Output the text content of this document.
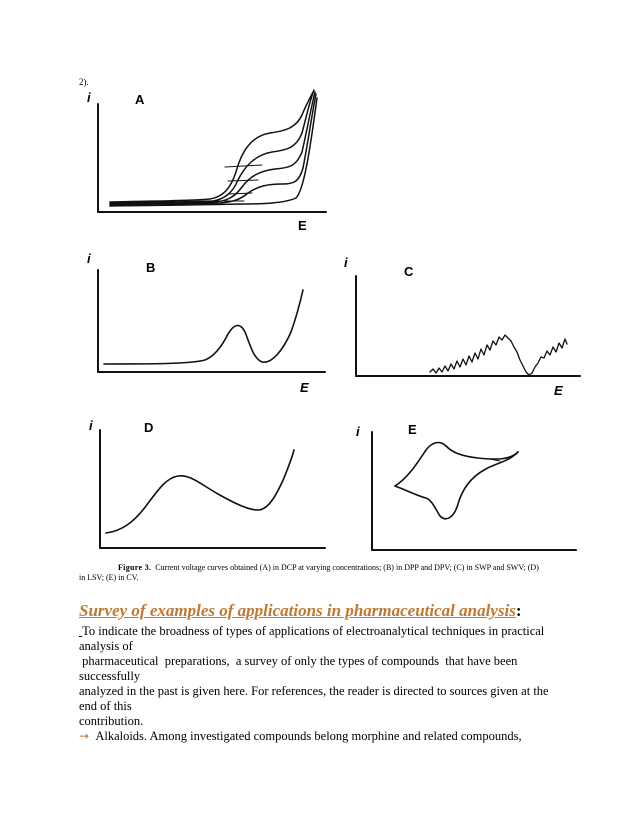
2).
i	A
E
i
B
E
i
C
E
i	D	i	E
Figure 3. Current voltage curves obtained (A) in DCP at varying concentrations; (B) in DPP and DPV; (C) in SWP and SWV; (D)
in LSV; (E) in CV.
Survey of examples of applications in pharmaceutical analysis:
To indicate the broadness of types of applications of electroanalytical techniques in practical
analysis of
pharmaceutical  preparations,  a survey of only the types of compounds  that have been
successfully
analyzed in the past is given here. For references, the reader is directed to sources given at the
end of this
contribution.
→ Alkaloids. Among investigated compounds belong morphine and related compounds,
